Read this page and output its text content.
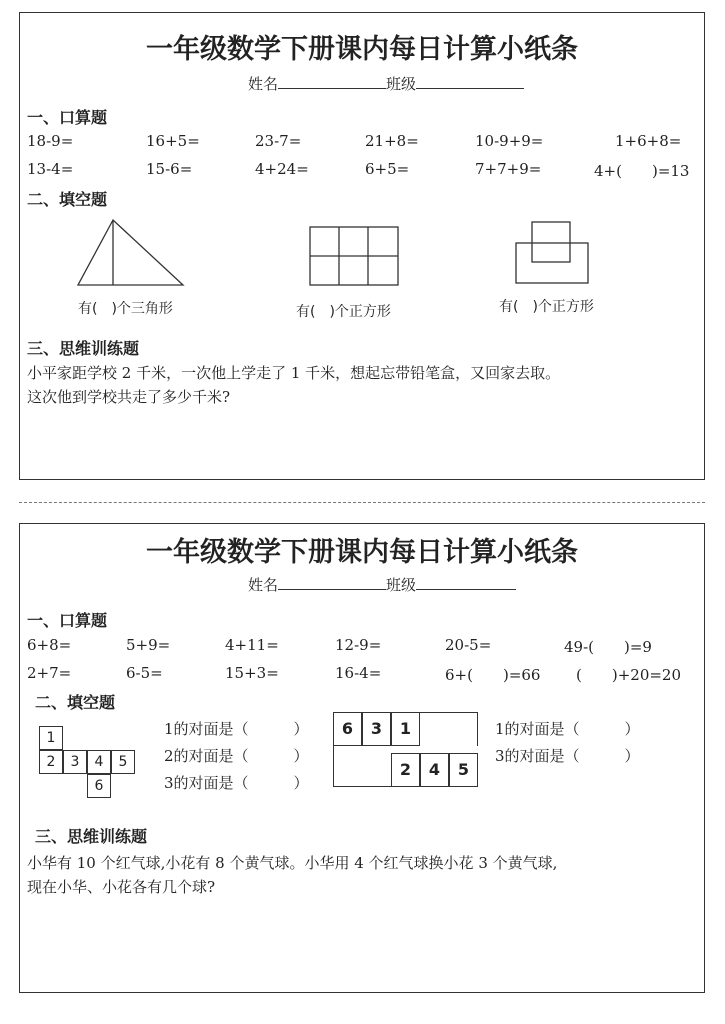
一年级数学下册课内每日计算小纸条
姓名	班级
一、口算题
18-9=	16+5=	23-7=	21+8=	10-9+9=	1+6+8=
13-4=	15-6=	4+24=	6+5=	7+7+9=	4+(　　)=13
二、填空题
有(　)个三角形	有(　)个正方形	有(　)个正方形
三、思维训练题
小平家距学校 2 千米，一次他上学走了 1 千米，想起忘带铅笔盒，又回家去取。
这次他到学校共走了多少千米?
一年级数学下册课内每日计算小纸条
姓名	班级
一、口算题
6+8=	5+9=	4+11=	12-9=	20-5=	49-(　　)=9
2+7=	6-5=	15+3=	16-4=	6+(　　)=66 (　　)+20=20
二、填空题
1
2	3	4	5
6
1的对面是（　　　）
2的对面是（　　　）
3的对面是（　　　）
6	3	1
2	4	5
1的对面是（　　　）
3的对面是（　　　）
三、思维训练题
小华有 10 个红气球,小花有 8 个黄气球。小华用 4 个红气球换小花 3 个黄气球,
现在小华、小花各有几个球?
